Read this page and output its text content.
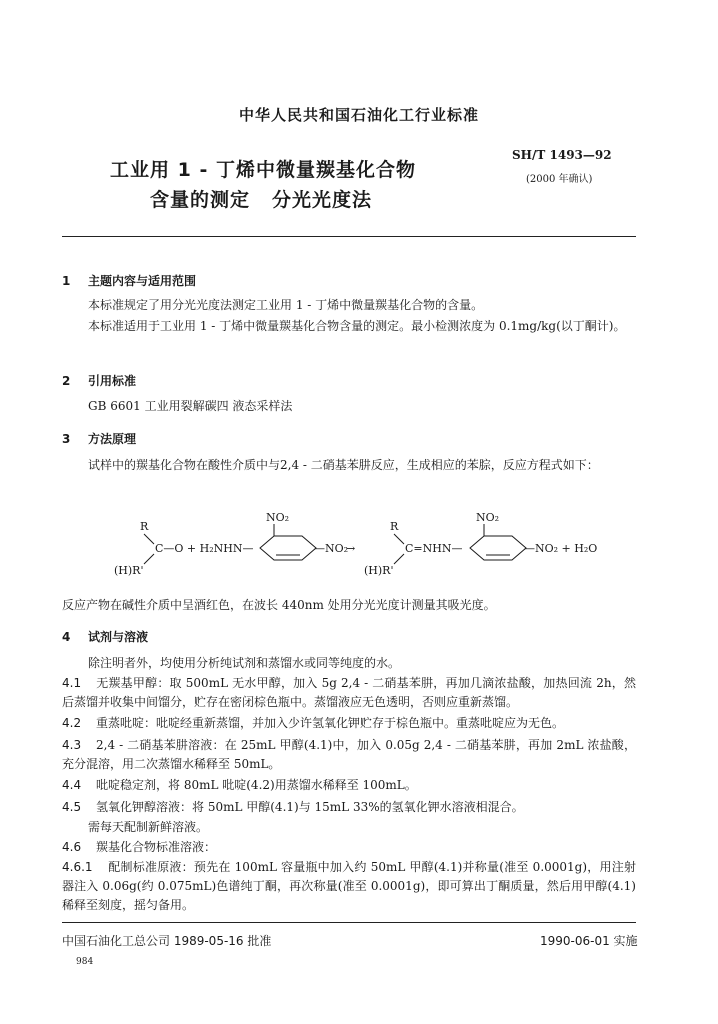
中华人民共和国石油化工行业标准
工业用 1 - 丁烯中微量羰基化合物
含量的测定 分光光度法
SH/T 1493—92
(2000 年确认)
1 主题内容与适用范围
本标准规定了用分光光度法测定工业用 1 - 丁烯中微量羰基化合物的含量。
本标准适用于工业用 1 - 丁烯中微量羰基化合物含量的测定。最小检测浓度为 0.1mg/kg(以丁酮计)。
2 引用标准
GB 6601 工业用裂解碳四 液态采样法
3 方法原理
试样中的羰基化合物在酸性介质中与2,4 - 二硝基苯肼反应，生成相应的苯腙，反应方程式如下：
R
(H)R'
C—O + H₂NHN—
NO₂
—NO₂
→
R
(H)R'
C=NHN—
NO₂
—NO₂ + H₂O
反应产物在碱性介质中呈酒红色，在波长 440nm 处用分光光度计测量其吸光度。
4 试剂与溶液
除注明者外，均使用分析纯试剂和蒸馏水或同等纯度的水。
4.1 无羰基甲醇：取 500mL 无水甲醇，加入 5g 2,4 - 二硝基苯肼，再加几滴浓盐酸，加热回流 2h，然后蒸馏并收集中间馏分，贮存在密闭棕色瓶中。蒸馏液应无色透明，否则应重新蒸馏。
4.2 重蒸吡啶：吡啶经重新蒸馏，并加入少许氢氧化钾贮存于棕色瓶中。重蒸吡啶应为无色。
4.3 2,4 - 二硝基苯肼溶液：在 25mL 甲醇(4.1)中，加入 0.05g 2,4 - 二硝基苯肼，再加 2mL 浓盐酸，充分混溶，用二次蒸馏水稀释至 50mL。
4.4 吡啶稳定剂，将 80mL 吡啶(4.2)用蒸馏水稀释至 100mL。
4.5 氢氧化钾醇溶液：将 50mL 甲醇(4.1)与 15mL 33%的氢氧化钾水溶液相混合。
需每天配制新鲜溶液。
4.6 羰基化合物标准溶液：
4.6.1 配制标准原液：预先在 100mL 容量瓶中加入约 50mL 甲醇(4.1)并称量(准至 0.0001g)，用注射器注入 0.06g(约 0.075mL)色谱纯丁酮，再次称量(准至 0.0001g)，即可算出丁酮质量，然后用甲醇(4.1)稀释至刻度，摇匀备用。
中国石油化工总公司 1989-05-16 批准	1990-06-01 实施
984
